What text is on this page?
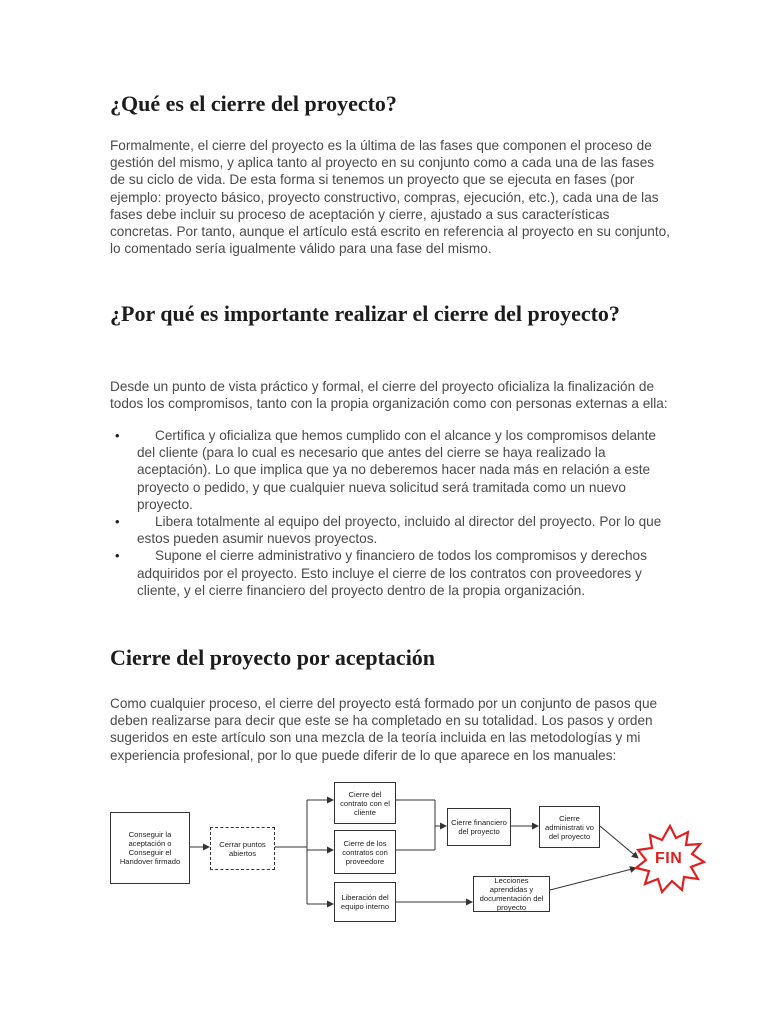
¿Qué es el cierre del proyecto?

Formalmente, el cierre del proyecto es la última de las fases que componen el proceso de gestión del mismo, y aplica tanto al proyecto en su conjunto como a cada una de las fases de su ciclo de vida. De esta forma si tenemos un proyecto que se ejecuta en fases (por ejemplo: proyecto básico, proyecto constructivo, compras, ejecución, etc.), cada una de las fases debe incluir su proceso de aceptación y cierre, ajustado a sus características concretas. Por tanto, aunque el artículo está escrito en referencia al proyecto en su conjunto, lo comentado sería igualmente válido para una fase del mismo.

¿Por qué es importante realizar el cierre del proyecto?

Desde un punto de vista práctico y formal, el cierre del proyecto oficializa la finalización de todos los compromisos, tanto con la propia organización como con personas externas a ella:

•	Certifica y oficializa que hemos cumplido con el alcance y los compromisos delante del cliente (para lo cual es necesario que antes del cierre se haya realizado la aceptación). Lo que implica que ya no deberemos hacer nada más en relación a este proyecto o pedido, y que cualquier nueva solicitud será tramitada como un nuevo proyecto.
•	Libera totalmente al equipo del proyecto, incluido al director del proyecto. Por lo que estos pueden asumir nuevos proyectos.
•	Supone el cierre administrativo y financiero de todos los compromisos y derechos adquiridos por el proyecto. Esto incluye el cierre de los contratos con proveedores y cliente, y el cierre financiero del proyecto dentro de la propia organización.
Cierre del proyecto por aceptación

Como cualquier proceso, el cierre del proyecto está formado por un conjunto de pasos que deben realizarse para decir que este se ha completado en su totalidad. Los pasos y orden sugeridos en este artículo son una mezcla de la teoría incluida en las metodologías y mi experiencia profesional, por lo que puede diferir de lo que aparece en los manuales:

Conseguir la aceptación o Conseguir el Handover firmado
Cerrar puntos abiertos
Cierre del contrato con el cliente
Cierre de los contratos con proveedore
Liberación del equipo interno
Cierre financiero del proyecto
Cierre administrati vo del proyecto
Lecciones aprendidas y documentación del proyecto
FIN
